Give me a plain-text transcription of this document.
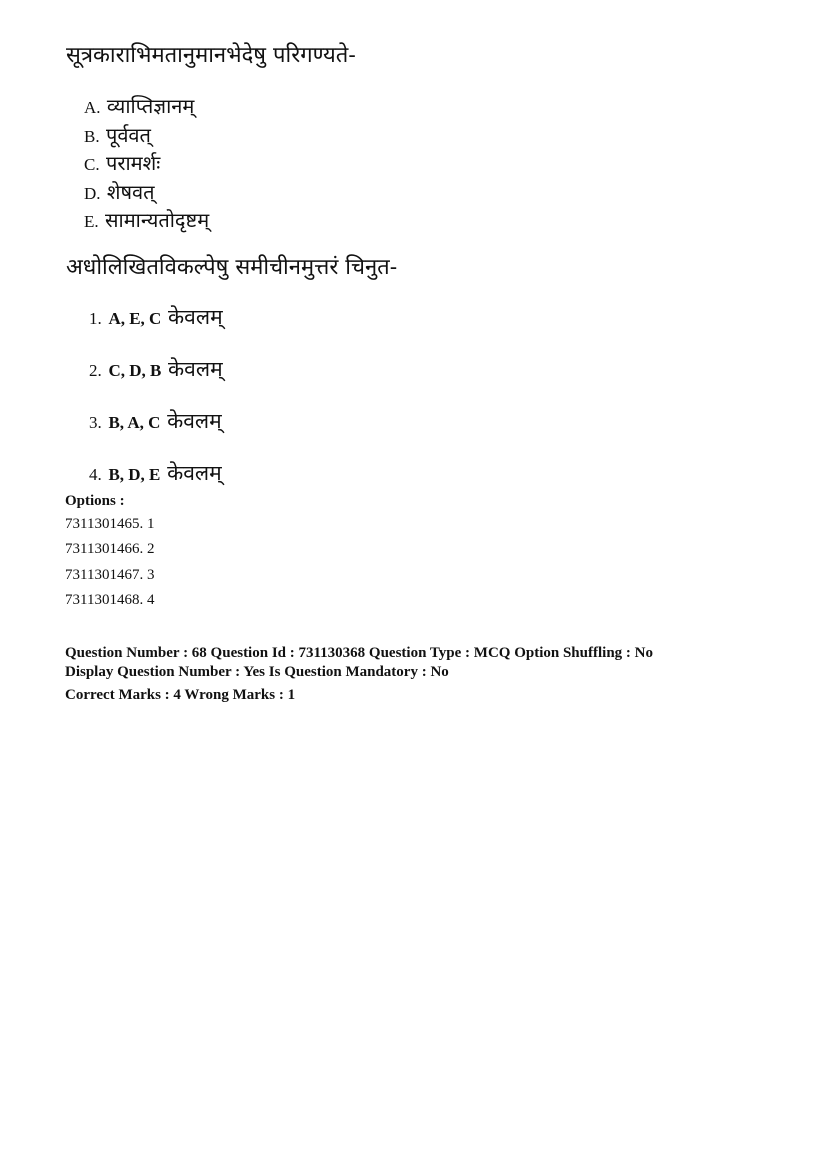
सूत्रकाराभिमतानुमानभेदेषु परिगण्यते-
A. व्याप्तिज्ञानम्
B. पूर्ववत्
C. परामर्शः
D. शेषवत्
E. सामान्यतोदृष्टम्
अधोलिखितविकल्पेषु समीचीनमुत्तरं चिनुत-
1. A, E, C केवलम्
2. C, D, B केवलम्
3. B, A, C केवलम्
4. B, D, E केवलम्
Options :
7311301465. 1
7311301466. 2
7311301467. 3
7311301468. 4
Question Number : 68 Question Id : 731130368 Question Type : MCQ Option Shuffling : No
Display Question Number : Yes Is Question Mandatory : No
Correct Marks : 4 Wrong Marks : 1
